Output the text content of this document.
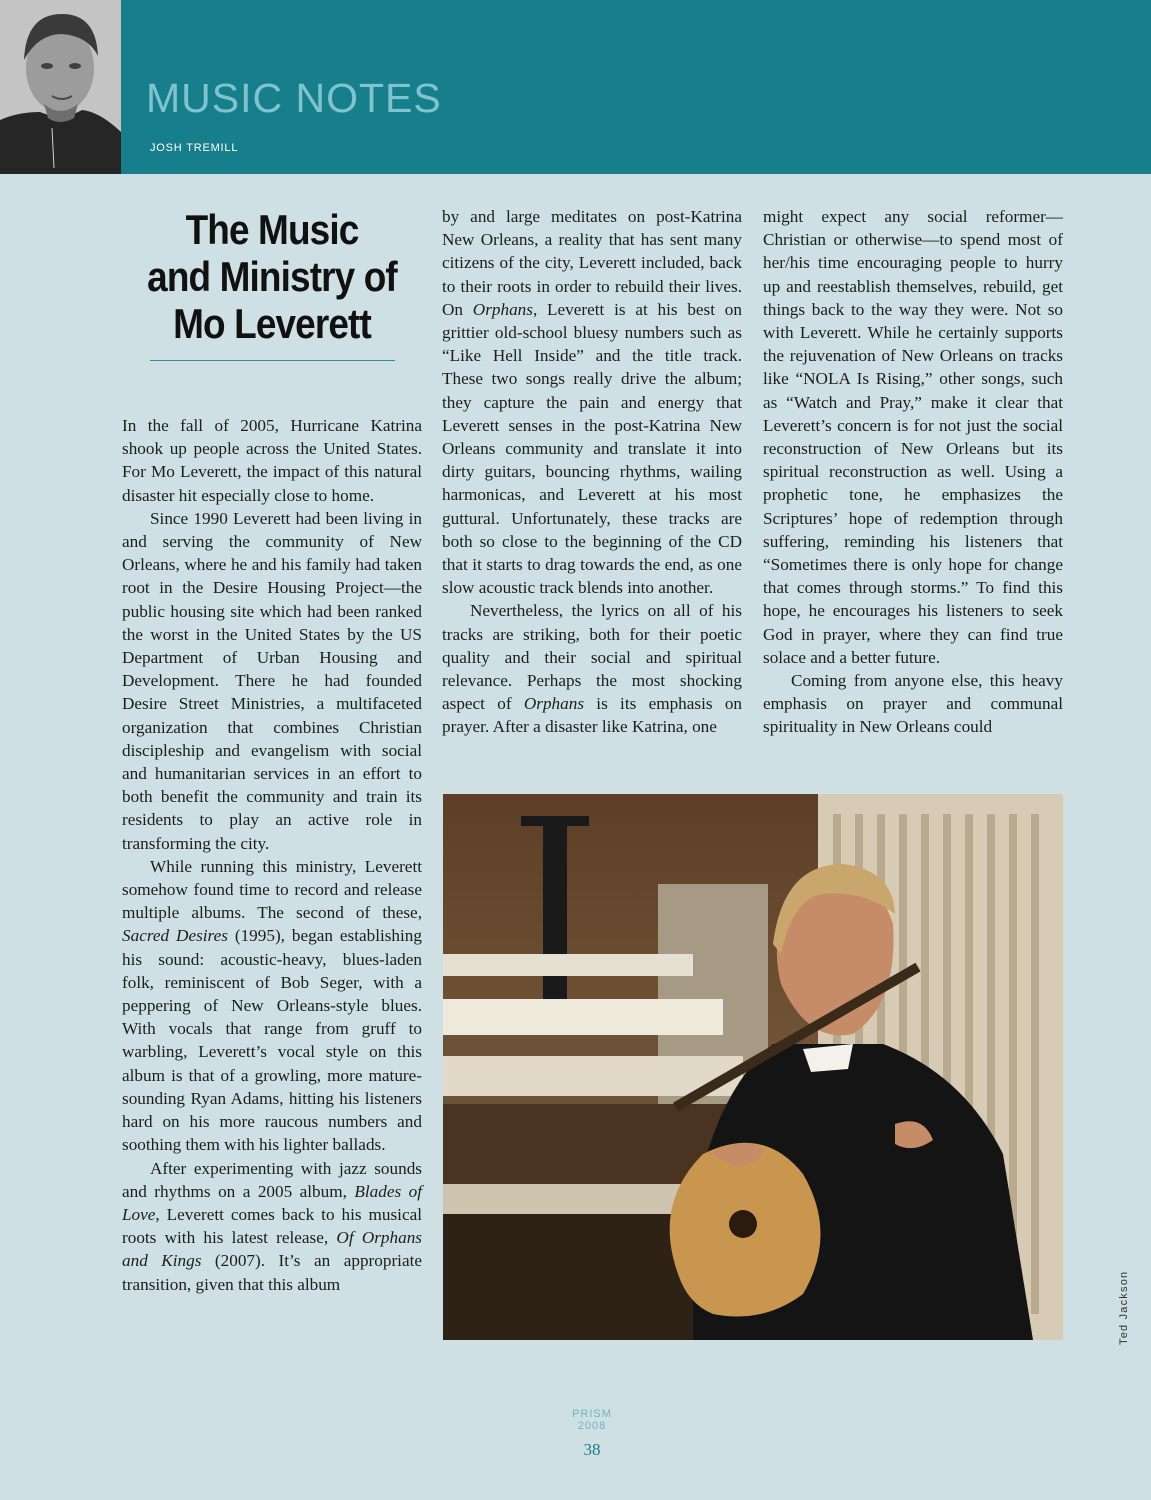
MUSIC NOTES
JOSH TREMILL
The Music
and Ministry of
Mo Leverett

In the fall of 2005, Hurricane Katrina shook up people across the United States. For Mo Leverett, the impact of this natural disaster hit especially close to home.

Since 1990 Leverett had been living in and serving the community of New Orleans, where he and his family had taken root in the Desire Housing Project—the public housing site which had been ranked the worst in the United States by the US Department of Urban Housing and Development. There he had founded Desire Street Ministries, a multifaceted organization that combines Christian discipleship and evangelism with social and humanitarian services in an effort to both benefit the community and train its residents to play an active role in transforming the city.

While running this ministry, Leverett somehow found time to record and release multiple albums. The second of these, Sacred Desires (1995), began establishing his sound: acoustic-heavy, blues-laden folk, reminiscent of Bob Seger, with a peppering of New Orleans-style blues. With vocals that range from gruff to warbling, Leverett’s vocal style on this album is that of a growling, more mature-sounding Ryan Adams, hitting his listeners hard on his more raucous numbers and soothing them with his lighter ballads.

After experimenting with jazz sounds and rhythms on a 2005 album, Blades of Love, Leverett comes back to his musical roots with his latest release, Of Orphans and Kings (2007). It’s an appropriate transition, given that this album

by and large meditates on post-Katrina New Orleans, a reality that has sent many citizens of the city, Leverett included, back to their roots in order to rebuild their lives. On Orphans, Leverett is at his best on grittier old-school bluesy numbers such as “Like Hell Inside” and the title track. These two songs really drive the album; they capture the pain and energy that Leverett senses in the post-Katrina New Orleans community and translate it into dirty guitars, bouncing rhythms, wailing harmonicas, and Leverett at his most guttural. Unfortunately, these tracks are both so close to the beginning of the CD that it starts to drag towards the end, as one slow acoustic track blends into another.

Nevertheless, the lyrics on all of his tracks are striking, both for their poetic quality and their social and spiritual relevance. Perhaps the most shocking aspect of Orphans is its emphasis on prayer. After a disaster like Katrina, one

might expect any social reformer—Christian or otherwise—to spend most of her/his time encouraging people to hurry up and reestablish themselves, rebuild, get things back to the way they were. Not so with Leverett. While he certainly supports the rejuvenation of New Orleans on tracks like “NOLA Is Rising,” other songs, such as “Watch and Pray,” make it clear that Leverett’s concern is for not just the social reconstruction of New Orleans but its spiritual reconstruction as well. Using a prophetic tone, he emphasizes the Scriptures’ hope of redemption through suffering, reminding his listeners that “Sometimes there is only hope for change that comes through storms.” To find this hope, he encourages his listeners to seek God in prayer, where they can find true solace and a better future.

Coming from anyone else, this heavy emphasis on prayer and communal spirituality in New Orleans could

Ted Jackson
PRISM
2008
38
